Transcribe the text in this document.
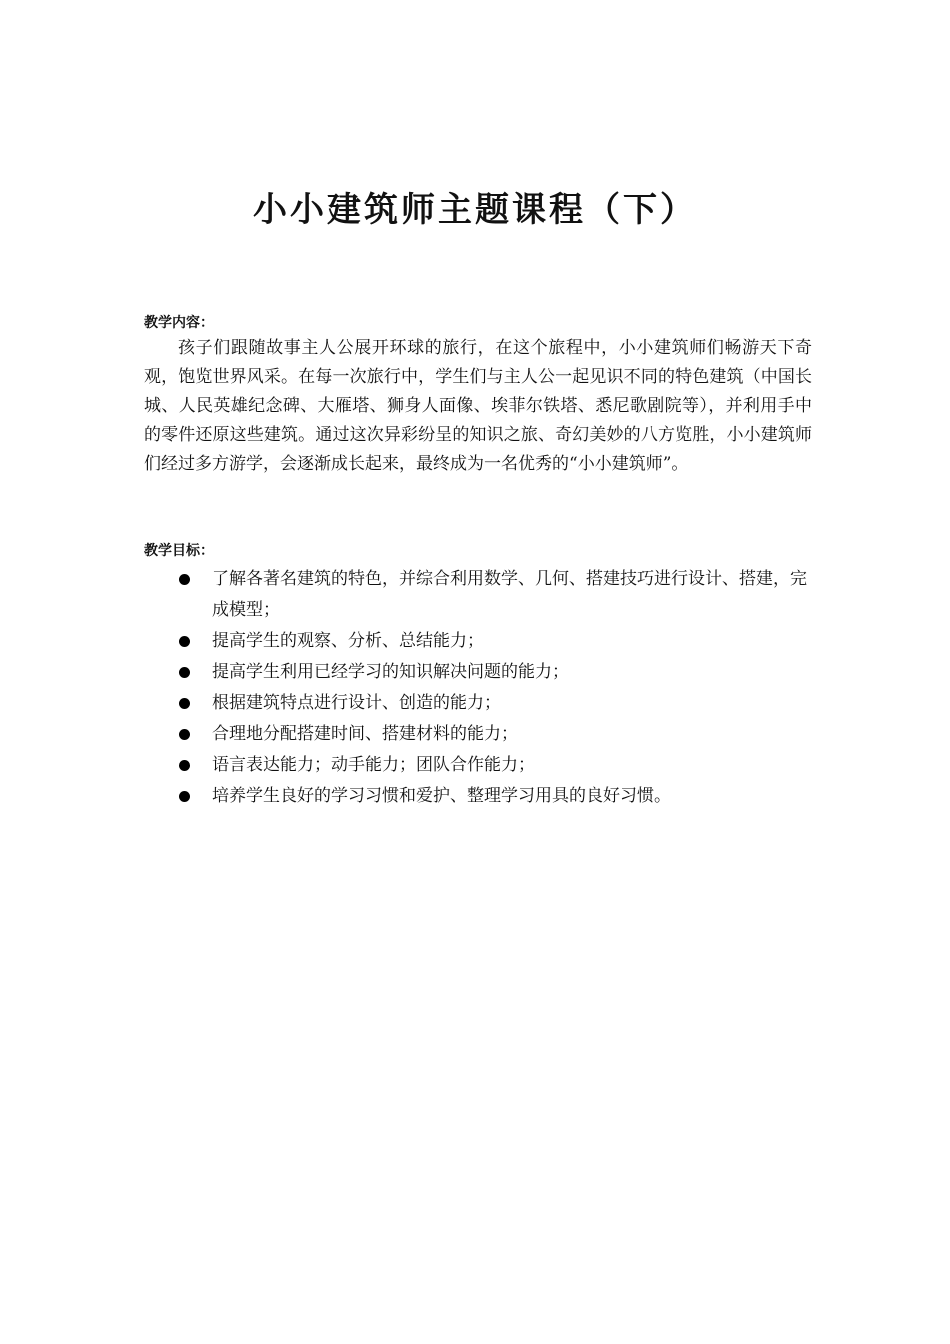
小小建筑师主题课程（下）

教学内容：

孩子们跟随故事主人公展开环球的旅行，在这个旅程中，小小建筑师们畅游天下奇观，饱览世界风采。在每一次旅行中，学生们与主人公一起见识不同的特色建筑（中国长城、人民英雄纪念碑、大雁塔、狮身人面像、埃菲尔铁塔、悉尼歌剧院等），并利用手中的零件还原这些建筑。通过这次异彩纷呈的知识之旅、奇幻美妙的八方览胜，小小建筑师们经过多方游学，会逐渐成长起来，最终成为一名优秀的“小小建筑师”。

教学目标：

了解各著名建筑的特色，并综合利用数学、几何、搭建技巧进行设计、搭建，完成模型；
提高学生的观察、分析、总结能力；
提高学生利用已经学习的知识解决问题的能力；
根据建筑特点进行设计、创造的能力；
合理地分配搭建时间、搭建材料的能力；
语言表达能力；动手能力；团队合作能力；
培养学生良好的学习习惯和爱护、整理学习用具的良好习惯。
